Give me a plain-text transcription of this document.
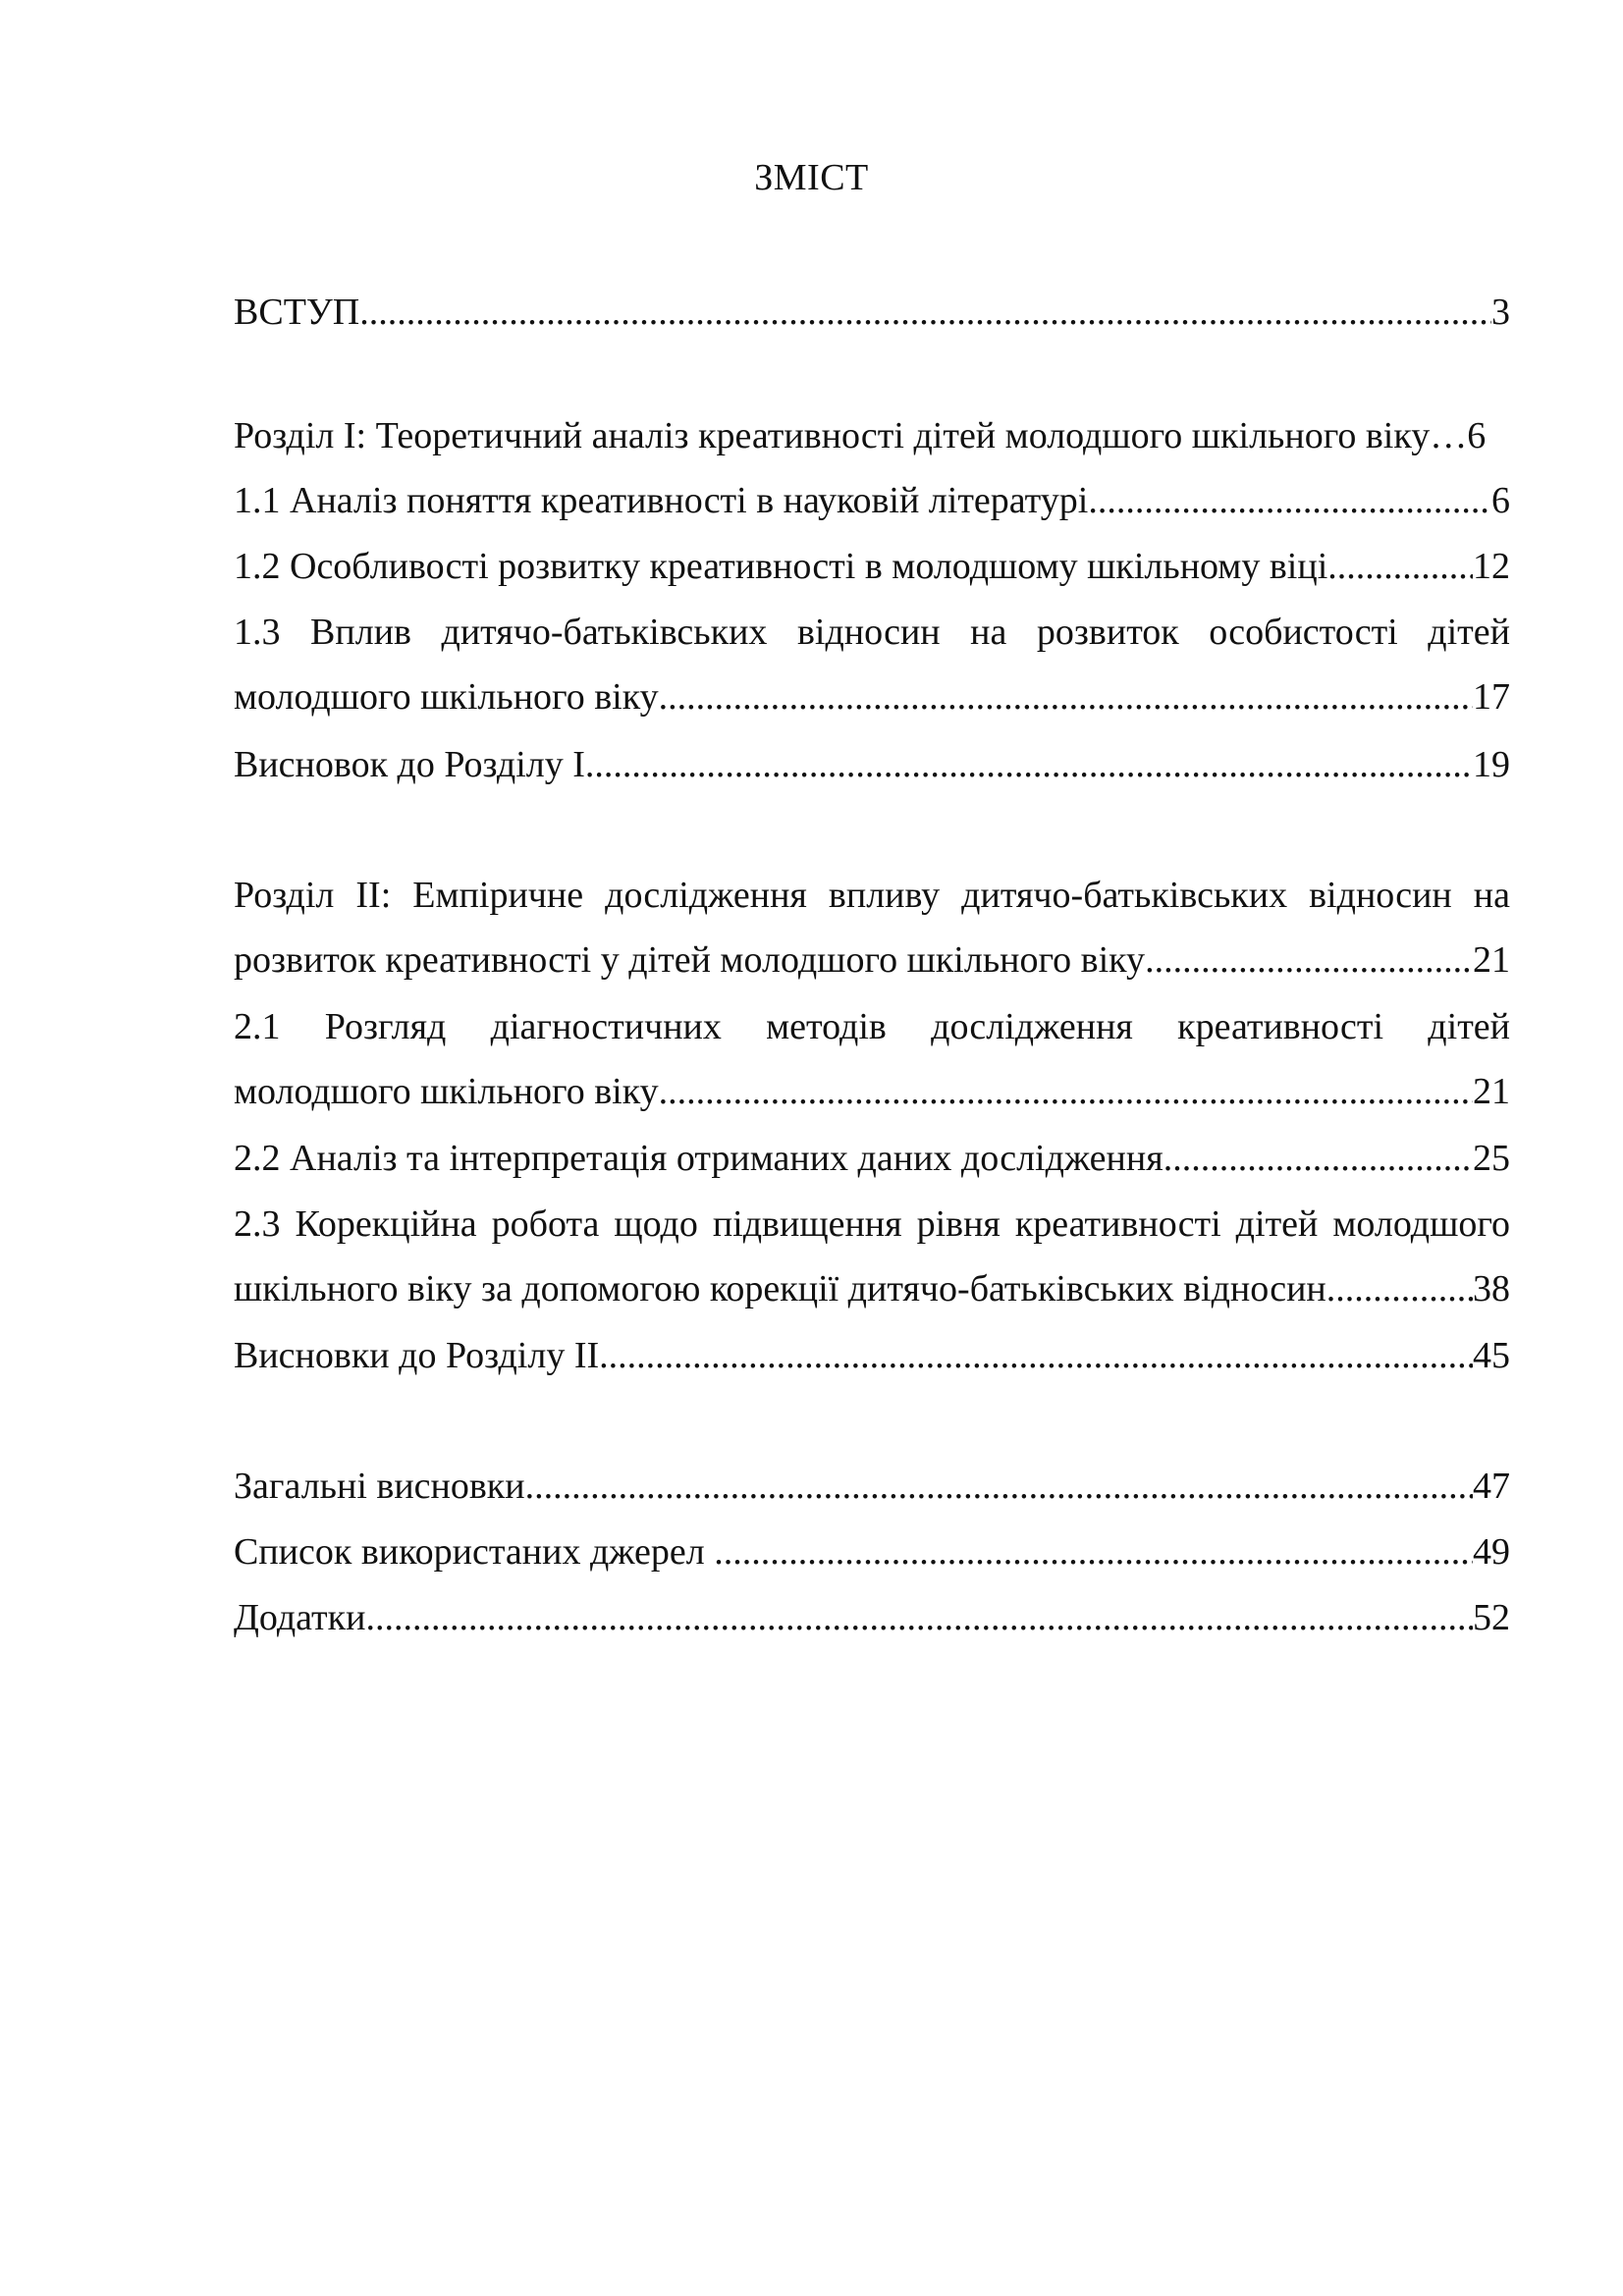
ЗМІСТ
ВСТУП .....	3
Розділ І: Теоретичний аналіз креативності дітей молодшого шкільного віку… 6
1.1 Аналіз поняття креативності в науковій літературі .....	6
1.2 Особливості розвитку креативності в молодшому шкільному віці .....	12
1.3 Вплив дитячо-батьківських відносин на розвиток особистості дітей
молодшого шкільного віку .....	17
Висновок до Розділу І .....	19
Розділ ІІ: Емпіричне дослідження впливу дитячо-батьківських відносин на
розвиток креативності у дітей молодшого шкільного віку .....	21
2.1 Розгляд діагностичних методів дослідження креативності дітей
молодшого шкільного віку .....	21
2.2 Аналіз та інтерпретація отриманих даних дослідження .....	25
2.3 Корекційна робота щодо підвищення рівня креативності дітей молодшого
шкільного віку за допомогою корекції дитячо-батьківських відносин .....	38
Висновки до Розділу ІІ .....	45
Загальні висновки .....	47
Список використаних джерел .....	49
Додатки .....	52
